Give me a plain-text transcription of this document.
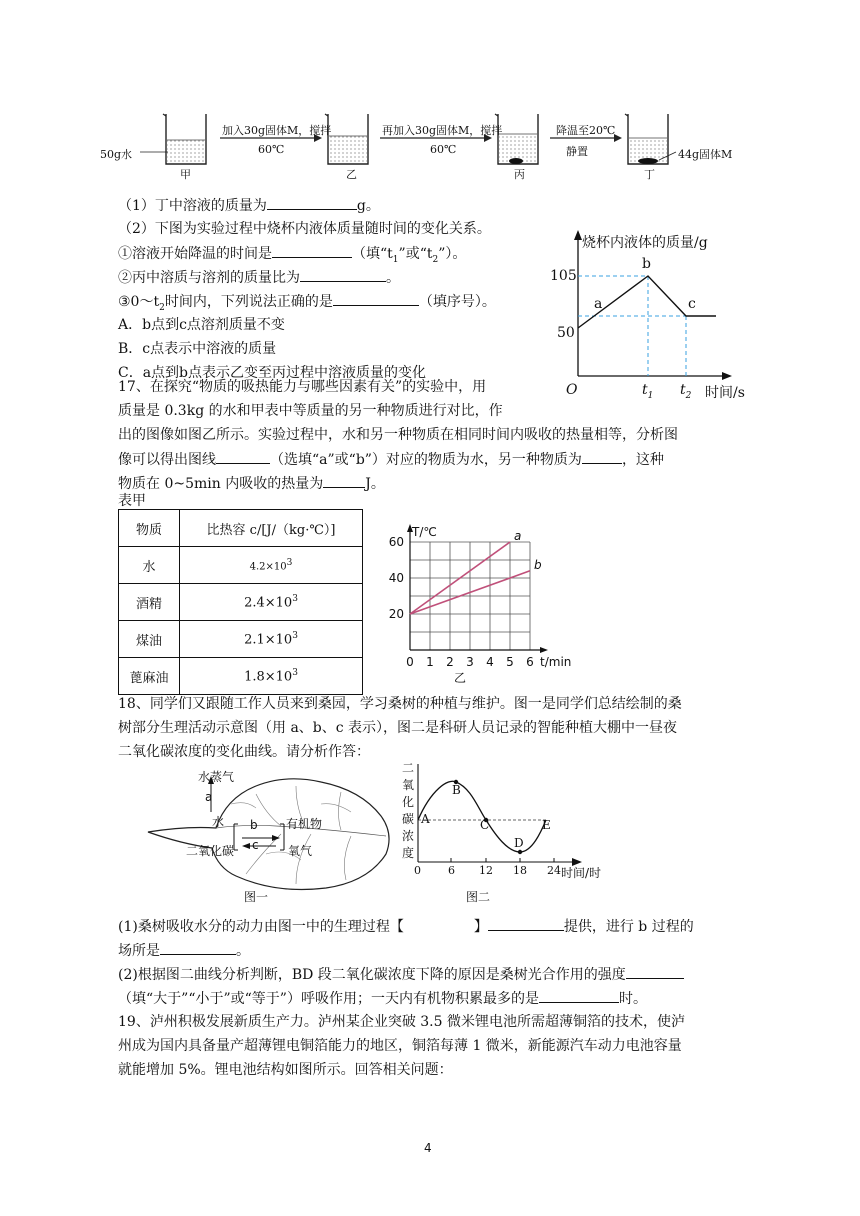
50g水
加入30g固体M，搅拌
60℃
再加入30g固体M，搅拌
60℃
降温至20℃
静置	44g固体M
甲	乙	丙	丁
（1）丁中溶液的质量为	g。
（2）下图为实验过程中烧杯内液体质量随时间的变化关系。
①溶液开始降温的时间是	（填“$t_1$”或“$t_2$”）。
②丙中溶质与溶剂的质量比为	。
$③0\sim t_2$时间内，下列说法正确的是	（填序号）。
A．b点到c点溶剂质量不变
B．c点表示中溶液的质量
C．a点到b点表示乙变至丙过程中溶液质量的变化
烧杯内液体的质量/g
105
50
O	$t_1$ $t_2$ 时间/s
a
b
c
17、在探究“物质的吸热能力与哪些因素有关”的实验中，用
质量是 0.3kg 的水和甲表中等质量的另一种物质进行对比，作
出的图像如图乙所示。实验过程中，水和另一种物质在相同时间内吸收的热量相等，分析图
像可以得出图线	（选填“a”或“b”）对应的物质为水，另一种物质为	，这种
物质在 0~5min 内吸收的热量为	J。
表甲
物质	比热容 c/[J/（kg·℃）]
水	$4.2\times 10^3$
酒精	$2.4\times 10^3$
煤油	$2.1\times 10^3$
蓖麻油	$1.8\times 10^3$
0 1 2 3 4 5 6
20
40
60
T/℃
t/min
乙
a
b
18、同学们又跟随工作人员来到桑园，学习桑树的种植与维护。图一是同学们总结绘制的桑
树部分生理活动示意图（用 a、b、c 表示），图二是科研人员记录的智能种植大棚中一昼夜
二氧化碳浓度的变化曲线。请分析作答：
水蒸气
a
水 b 有机物
二氧化碳 c 氧气
图一
二
氧
化
碳
浓
度
A
B
C
D
E
0 6 12 18 24 时间/时
图二
(1)桑树吸收水分的动力由图一中的生理过程【	】	提供，进行 b 过程的
场所是	。
(2)根据图二曲线分析判断，BD 段二氧化碳浓度下降的原因是桑树光合作用的强度
（填“大于”“小于”或“等于”）呼吸作用；一天内有机物积累最多的是	时。
19、泸州积极发展新质生产力。泸州某企业突破 3.5 微米锂电池所需超薄铜箔的技术，使泸
州成为国内具备量产超薄锂电铜箔能力的地区，铜箔每薄 1 微米，新能源汽车动力电池容量
就能增加 5%。锂电池结构如图所示。回答相关问题：
4
